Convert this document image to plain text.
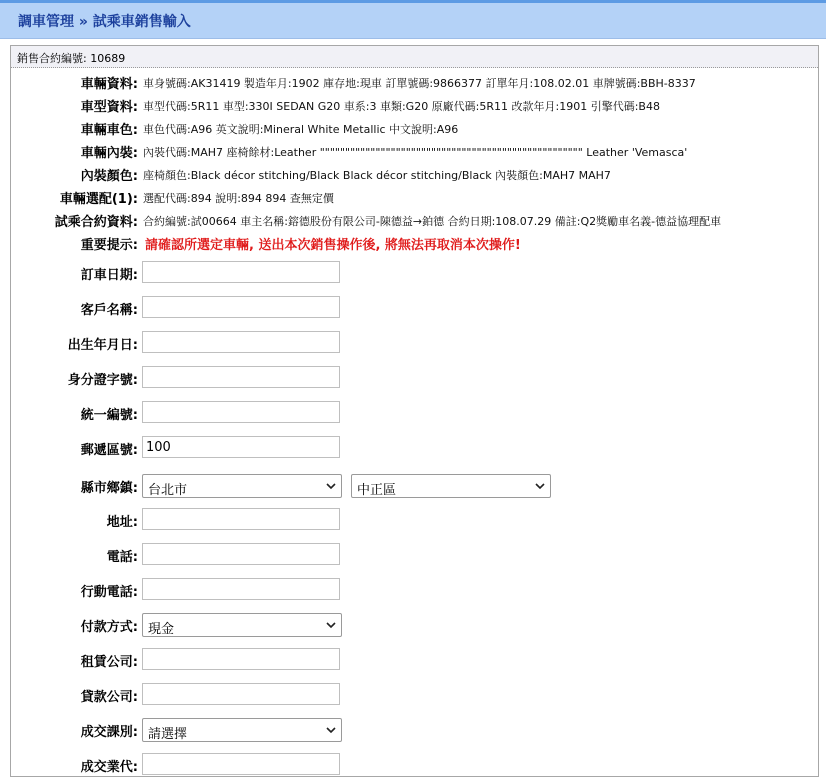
調車管理 » 試乘車銷售輸入
銷售合約編號: 10689
車輛資料: 車身號碼:AK31419 製造年月:1902 庫存地:現車 訂單號碼:9866377 訂單年月:108.02.01 車牌號碼:BBH-8337
車型資料: 車型代碼:5R11 車型:330I SEDAN G20 車系:3 車類:G20 原廠代碼:5R11 改款年月:1901 引擎代碼:B48
車輛車色: 車色代碼:A96 英文說明:Mineral White Metallic 中文說明:A96
車輛內裝: 內裝代碼:MAH7 座椅餘材:Leather """""""""""""""""""""""""""""""""""""""""""""""""""" Leather 'Vemasca'
內裝顏色: 座椅顏色:Black décor stitching/Black Black décor stitching/Black 內裝顏色:MAH7 MAH7
車輛選配(1): 選配代碼:894 說明:894 894 查無定價
試乘合約資料: 合約編號:試00664 車主名稱:鎔德股份有限公司-陳德益→鉑德 合約日期:108.07.29 備註:Q2獎勵車名義-德益協理配車
重要提示: 請確認所選定車輛, 送出本次銷售操作後, 將無法再取消本次操作!
訂車日期:
客戶名稱:
出生年月日:
身分證字號:
統一編號:
郵遞區號:
100
縣市鄉鎮: 台北市	中正區
地址:
電話:
行動電話:
付款方式: 現金
租賃公司:
貸款公司:
成交課別: 請選擇
成交業代:
